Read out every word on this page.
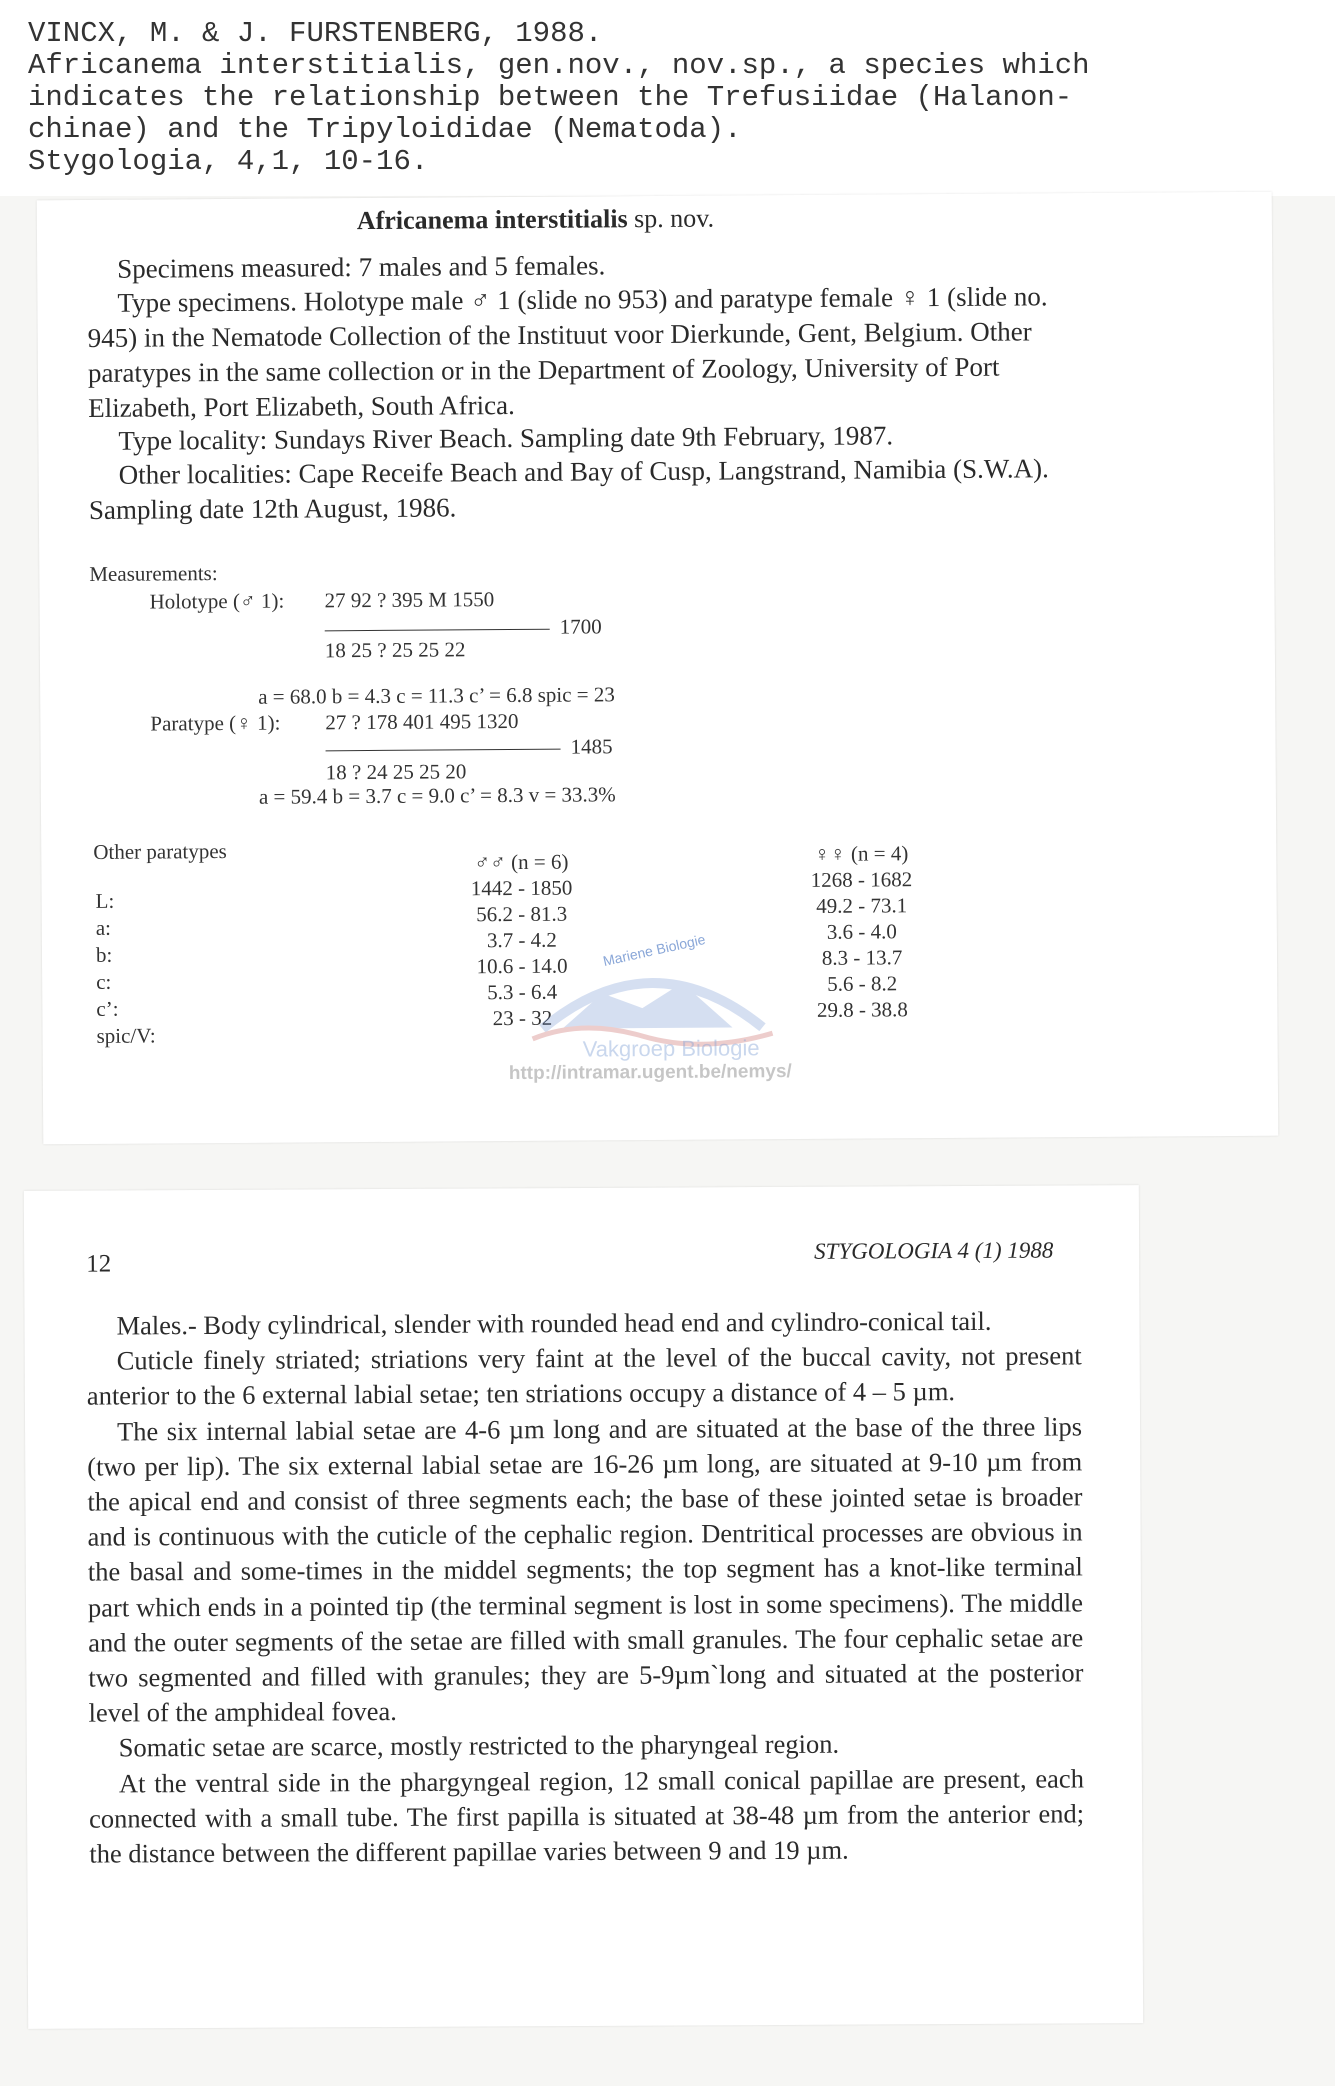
VINCX, M. & J. FURSTENBERG, 1988.
Africanema interstitialis, gen.nov., nov.sp., a species which
indicates the relationship between the Trefusiidae (Halanon-
chinae) and the Tripyloididae (Nematoda).
Stygologia, 4,1, 10-16.
Africanema interstitialis sp. nov.
Specimens measured: 7 males and 5 females.
Type specimens. Holotype male ♂ 1 (slide no 953) and paratype female ♀ 1 (slide no. 945) in the Nematode Collection of the Instituut voor Dierkunde, Gent, Belgium. Other paratypes in the same collection or in the Department of Zoology, University of Port Elizabeth, Port Elizabeth, South Africa.
Type locality: Sundays River Beach. Sampling date 9th February, 1987.
Other localities: Cape Receife Beach and Bay of Cusp, Langstrand, Namibia (S.W.A). Sampling date 12th August, 1986.
Measurements:
Holotype (♂ 1): 27 92 ? 395 M 1550
1700
18 25 ? 25 25 22
a = 68.0 b = 4.3 c = 11.3 c’ = 6.8 spic = 23
Paratype (♀ 1): 27 ? 178 401 495 1320
1485
18 ? 24 25 25 20
a = 59.4 b = 3.7 c = 9.0 c’ = 8.3 v = 33.3%
Other paratypes
L:
a:
b:
c:
c’:
spic/V:
♂♂ (n = 6)
1442 - 1850
56.2 - 81.3
3.7 - 4.2
10.6 - 14.0
5.3 - 6.4
23 - 32
♀♀ (n = 4)
1268 - 1682
49.2 - 73.1
3.6 - 4.0
8.3 - 13.7
5.6 - 8.2
29.8 - 38.8
Mariene Biologie
Vakgroep Biologie
http://intramar.ugent.be/nemys/
12	STYGOLOGIA 4 (1) 1988

Males.- Body cylindrical, slender with rounded head end and cylindro-conical tail.

Cuticle finely striated; striations very faint at the level of the buccal cavity, not present anterior to the 6 external labial setae; ten striations occupy a distance of 4 – 5 µm.

The six internal labial setae are 4-6 µm long and are situated at the base of the three lips (two per lip). The six external labial setae are 16-26 µm long, are situated at 9-10 µm from the apical end and consist of three segments each; the base of these jointed setae is broader and is continuous with the cuticle of the cephalic region. Dentritical processes are obvious in the basal and some-times in the middel segments; the top segment has a knot-like terminal part which ends in a pointed tip (the terminal segment is lost in some specimens). The middle and the outer segments of the setae are filled with small granules. The four cephalic setae are two segmented and filled with granules; they are 5-9µm`long and situated at the posterior level of the amphideal fovea.

Somatic setae are scarce, mostly restricted to the pharyngeal region.

At the ventral side in the phargyngeal region, 12 small conical papillae are present, each connected with a small tube. The first papilla is situated at 38-48 µm from the anterior end; the distance between the different papillae varies between 9 and 19 µm.
